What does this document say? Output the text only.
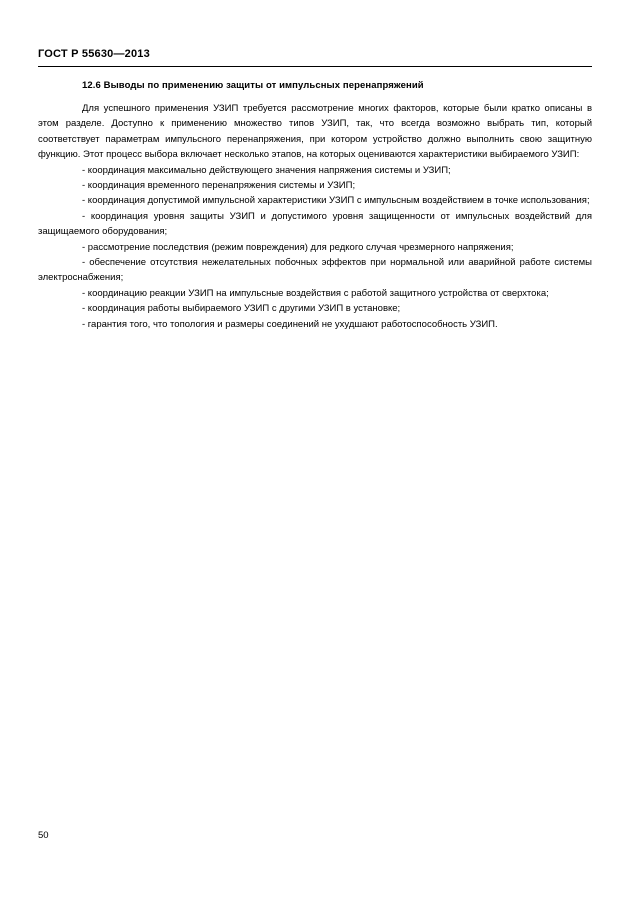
ГОСТ Р 55630—2013
12.6 Выводы по применению защиты от импульсных перенапряжений

Для успешного применения УЗИП требуется рассмотрение многих факторов, которые были кратко описаны в этом разделе. Доступно к применению множество типов УЗИП, так, что всегда возможно выбрать тип, который соответствует параметрам импульсного перенапряжения, при котором устройство должно выполнить свою защитную функцию. Этот процесс выбора включает несколько этапов, на которых оцениваются характеристики выбираемого УЗИП:

- координация максимально действующего значения напряжения системы и УЗИП;

- координация временного перенапряжения системы и УЗИП;

- координация допустимой импульсной характеристики УЗИП с импульсным воздействием в точке использования;

- координация уровня защиты УЗИП и допустимого уровня защищенности от импульсных воздействий для защищаемого оборудования;

- рассмотрение последствия (режим повреждения) для редкого случая чрезмерного напряжения;

- обеспечение отсутствия нежелательных побочных эффектов при нормальной или аварийной работе системы электроснабжения;

- координацию реакции УЗИП на импульсные воздействия с работой защитного устройства от сверхтока;

- координация работы выбираемого УЗИП с другими УЗИП в установке;

- гарантия того, что топология и размеры соединений не ухудшают работоспособность УЗИП.

50
